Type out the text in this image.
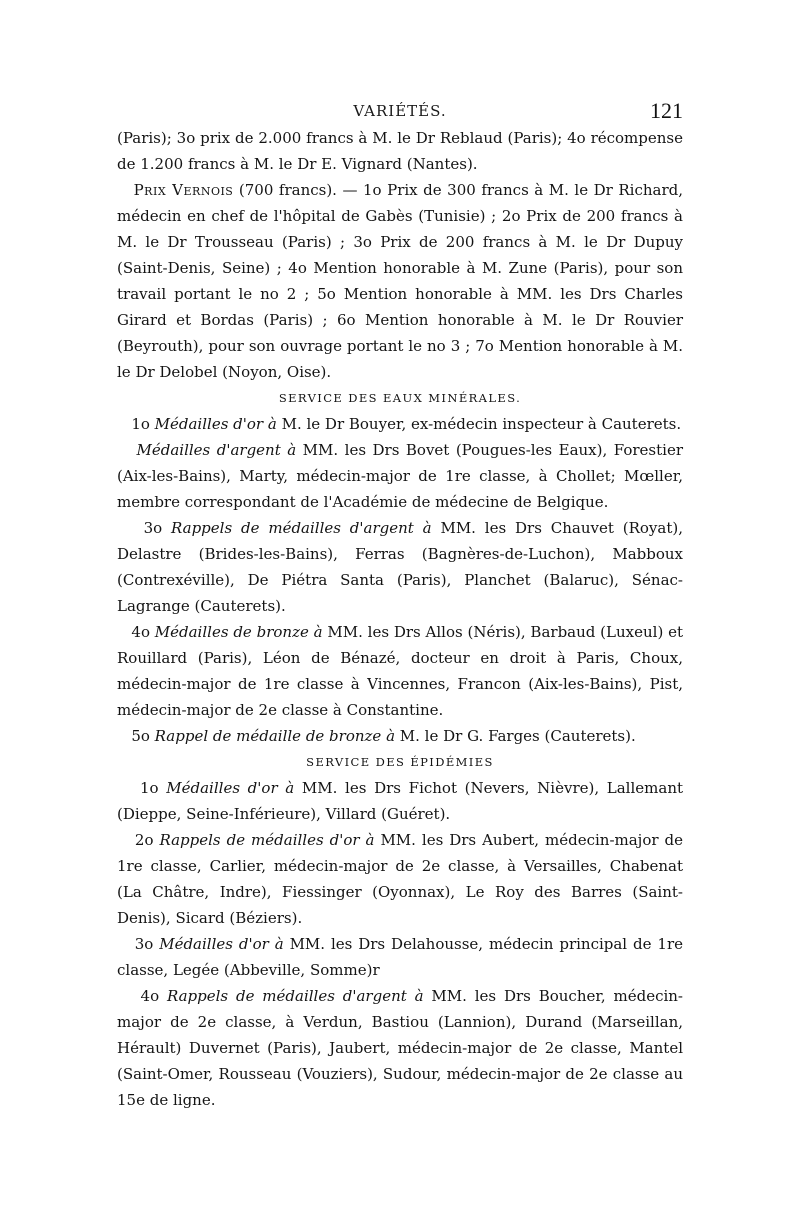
VARIÉTÉS.	121

(Paris); 3o prix de 2.000 francs à M. le Dr Reblaud (Paris); 4o récompense de 1.200 francs à M. le Dr E. Vignard (Nantes).

Prix Vernois (700 francs). — 1o Prix de 300 francs à M. le Dr Richard, médecin en chef de l'hôpital de Gabès (Tunisie) ; 2o Prix de 200 francs à M. le Dr Trousseau (Paris) ; 3o Prix de 200 francs à M. le Dr Dupuy (Saint-Denis, Seine) ; 4o Mention honorable à M. Zune (Paris), pour son travail portant le no 2 ; 5o Mention honorable à MM. les Drs Charles Girard et Bordas (Paris) ; 6o Mention honorable à M. le Dr Rouvier (Beyrouth), pour son ouvrage portant le no 3 ; 7o Mention honorable à M. le Dr Delobel (Noyon, Oise).

SERVICE DES EAUX MINÉRALES.

1o Médailles d'or à M. le Dr Bouyer, ex-médecin inspecteur à Cauterets.

Médailles d'argent à MM. les Drs Bovet (Pougues-les Eaux), Forestier (Aix-les-Bains), Marty, médecin-major de 1re classe, à Chollet; Mœller, membre correspondant de l'Académie de médecine de Belgique.

3o Rappels de médailles d'argent à MM. les Drs Chauvet (Royat), Delastre (Brides-les-Bains), Ferras (Bagnères-de-Luchon), Mabboux (Contrexéville), De Piétra Santa (Paris), Planchet (Balaruc), Sénac-Lagrange (Cauterets).

4o Médailles de bronze à MM. les Drs Allos (Néris), Barbaud (Luxeul) et Rouillard (Paris), Léon de Bénazé, docteur en droit à Paris, Choux, médecin-major de 1re classe à Vincennes, Francon (Aix-les-Bains), Pist, médecin-major de 2e classe à Constantine.

5o Rappel de médaille de bronze à M. le Dr G. Farges (Cauterets).

SERVICE DES ÉPIDÉMIES

1o Médailles d'or à MM. les Drs Fichot (Nevers, Nièvre), Lallemant (Dieppe, Seine-Inférieure), Villard (Guéret).

2o Rappels de médailles d'or à MM. les Drs Aubert, médecin-major de 1re classe, Carlier, médecin-major de 2e classe, à Versailles, Chabenat (La Châtre, Indre), Fiessinger (Oyonnax), Le Roy des Barres (Saint-Denis), Sicard (Béziers).

3o Médailles d'or à MM. les Drs Delahousse, médecin principal de 1re classe, Legée (Abbeville, Somme)r

4o Rappels de médailles d'argent à MM. les Drs Boucher, médecin-major de 2e classe, à Verdun, Bastiou (Lannion), Durand (Marseillan, Hérault) Duvernet (Paris), Jaubert, médecin-major de 2e classe, Mantel (Saint-Omer, Rousseau (Vouziers), Sudour, médecin-major de 2e classe au 15e de ligne.
